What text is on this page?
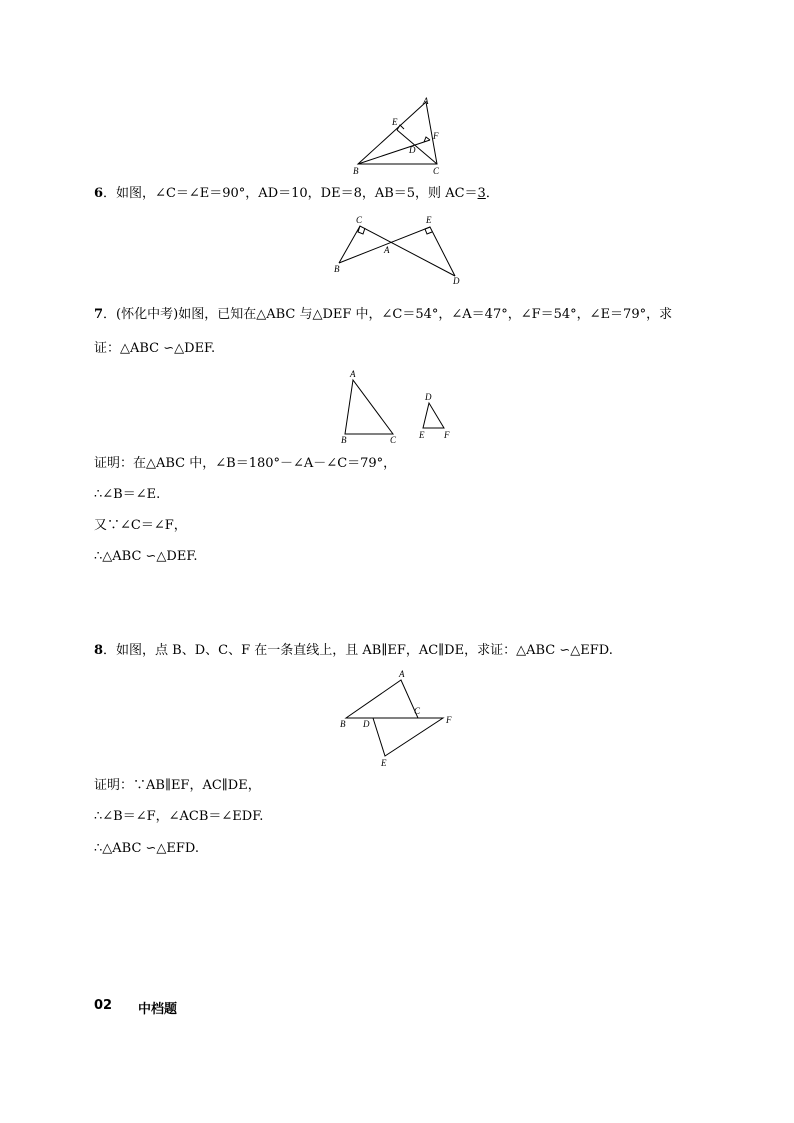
A
E
F
D
B	C
6．如图，∠C＝∠E＝90°，AD＝10，DE＝8，AB＝5，则 AC＝3．
C	E
A
B
D
7．(怀化中考)如图，已知在△ABC 与△DEF 中，∠C＝54°，∠A＝47°，∠F＝54°，∠E＝79°，求
证：△ABC ∽△DEF.
A
B	C
D
E F
证明：在△ABC 中，∠B＝180°－∠A－∠C＝79°，
∴∠B＝∠E.
又∵∠C＝∠F，
∴△ABC ∽△DEF.
8．如图，点 B、D、C、F 在一条直线上，且 AB∥EF，AC∥DE，求证：△ABC ∽△EFD.
A
B D
C
F
E
证明：∵AB∥EF，AC∥DE，
∴∠B＝∠F，∠ACB＝∠EDF.
∴△ABC ∽△EFD.
02 中档题
